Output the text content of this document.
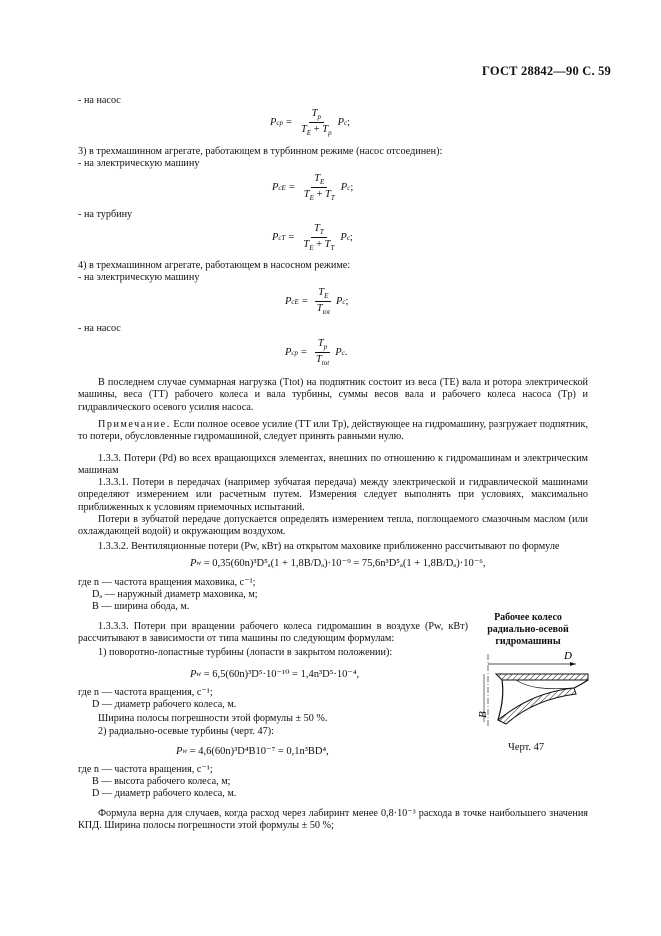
ГОСТ 28842—90 С. 59
- на насос
P cp = $\frac{T_p}{T_E + T_p}$ P c ;
3) в трехмашинном агрегате, работающем в турбинном режиме (насос отсоединен):
- на электрическую машину
P cE = $\frac{T_E}{T_E + T_T}$ P c ;
- на турбину
P cT = $\frac{T_T}{T_E + T_T}$ P c ;
4) в трехмашинном агрегате, работающем в насосном режиме:
- на электрическую машину
P cE = $\frac{T_E}{T_{tot}}$ P c ;
- на насос
P cp = $\frac{T_p}{T_{tot}}$ P c .
В последнем случае суммарная нагрузка (Ttot) на подпятник состоит из веса (TE) вала и ротора электрической машины, веса (TT) рабочего колеса и вала турбины, суммы весов вала и рабочего колеса насоса (Tp) и гидравлического осевого усилия насоса.
Примечание. Если полное осевое усилие (TT или Tp), действующее на гидромашину, разгружает подпятник, то потери, обусловленные гидромашиной, следует принять равными нулю.
1.3.3. Потери (Pd) во всех вращающихся элементах, внешних по отношению к гидромашинам и электрическим машинам
1.3.3.1. Потери в передачах (например зубчатая передача) между электрической и гидравлической машинами определяют измерением или расчетным путем. Измерения следует выполнять при условиях, максимально приближенных к условиям приемочных испытаний.
Потери в зубчатой передаче допускается определять измерением тепла, поглощаемого смазочным маслом (или охлаждающей водой) и окружающим воздухом.
1.3.3.2. Вентиляционные потери (Pw, кВт) на открытом маховике приближенно рассчитывают по формуле
P w
= 0,35(60n)³D⁵ₐ(1 + 1,8B/Dₐ)·10⁻⁹ = 75,6n³D⁵ₐ(1 + 1,8B/Dₐ)·10⁻⁶,
где n — частота вращения маховика, с⁻¹;
Dₐ — наружный диаметр маховика, м;
B — ширина обода, м.
1.3.3.3. Потери при вращении рабочего колеса гидромашин в воздухе (Pw, кВт) рассчитывают в зависимости от типа машины по следующим формулам:
1) поворотно-лопастные турбины (лопасти в закрытом положении):
P w
= 6,5(60n)³D⁵·10⁻¹⁰ = 1,4n³D⁵·10⁻⁴,
где n — частота вращения, с⁻¹;
D — диаметр рабочего колеса, м.
Ширина полосы погрешности этой формулы ± 50 %.
2) радиально-осевые турбины (черт. 47):
P w
= 4,6(60n)³D⁴B10⁻⁷ = 0,1n³BD⁴,
где n — частота вращения, с⁻¹;
B — высота рабочего колеса, м;
D — диаметр рабочего колеса, м.
Формула верна для случаев, когда расход через лабиринт менее 0,8·10⁻³ расхода в точке наибольшего значения КПД. Ширина полосы погрешности этой формулы ± 50 %;
Рабочее колесо радиально-осевой гидромашины
D
B
Черт. 47
